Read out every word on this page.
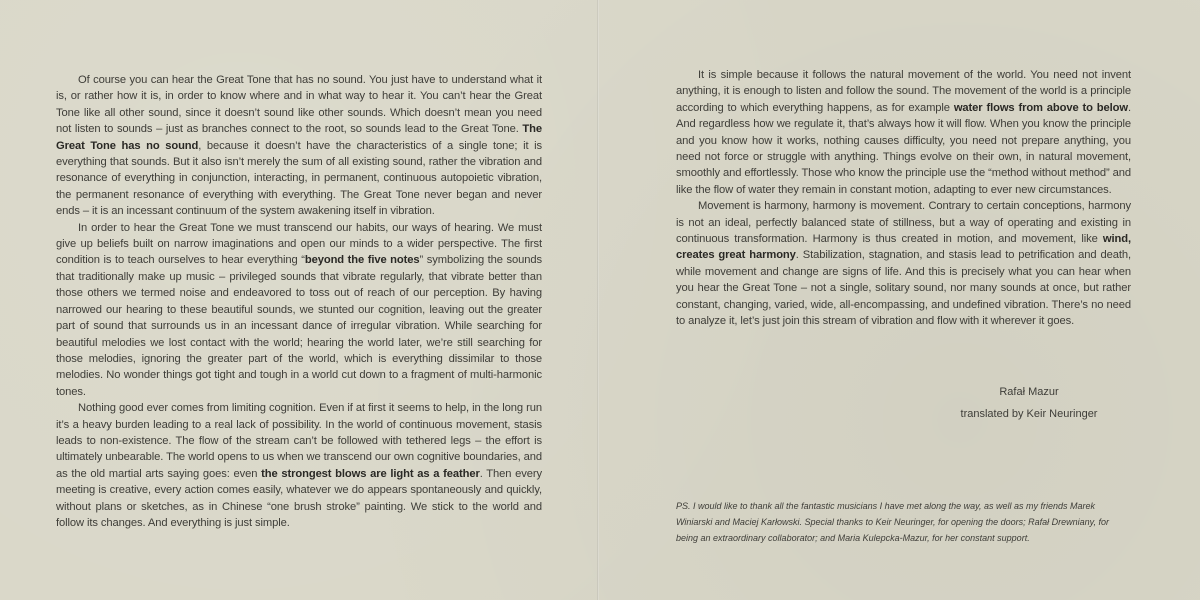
Of course you can hear the Great Tone that has no sound. You just have to understand what it is, or rather how it is, in order to know where and in what way to hear it. You can’t hear the Great Tone like all other sound, since it doesn’t sound like other sounds. Which doesn’t mean you need not listen to sounds – just as branches connect to the root, so sounds lead to the Great Tone. The Great Tone has no sound, because it doesn’t have the characteristics of a single tone; it is everything that sounds. But it also isn’t merely the sum of all existing sound, rather the vibration and resonance of everything in conjunction, interacting, in permanent, continuous autopoietic vibration, the permanent resonance of everything with everything. The Great Tone never began and never ends – it is an incessant continuum of the system awakening itself in vibration.

In order to hear the Great Tone we must transcend our habits, our ways of hearing. We must give up beliefs built on narrow imaginations and open our minds to a wider perspective. The first condition is to teach ourselves to hear everything “beyond the five notes” symbolizing the sounds that traditionally make up music – privileged sounds that vibrate regularly, that vibrate better than those others we termed noise and endeavored to toss out of reach of our perception. By having narrowed our hearing to these beautiful sounds, we stunted our cognition, leaving out the greater part of sound that surrounds us in an incessant dance of irregular vibration. While searching for beautiful melodies we lost contact with the world; hearing the world later, we’re still searching for those melodies, ignoring the greater part of the world, which is everything dissimilar to those melodies. No wonder things got tight and tough in a world cut down to a fragment of multi-harmonic tones.

Nothing good ever comes from limiting cognition. Even if at first it seems to help, in the long run it’s a heavy burden leading to a real lack of possibility. In the world of continuous movement, stasis leads to non-existence. The flow of the stream can’t be followed with tethered legs – the effort is ultimately unbearable. The world opens to us when we transcend our own cognitive boundaries, and as the old martial arts saying goes: even the strongest blows are light as a feather. Then every meeting is creative, every action comes easily, whatever we do appears spontaneously and quickly, without plans or sketches, as in Chinese “one brush stroke” painting. We stick to the world and follow its changes. And everything is just simple.

It is simple because it follows the natural movement of the world. You need not invent anything, it is enough to listen and follow the sound. The movement of the world is a principle according to which everything happens, as for example water flows from above to below. And regardless how we regulate it, that’s always how it will flow. When you know the principle and you know how it works, nothing causes difficulty, you need not prepare anything, you need not force or struggle with anything. Things evolve on their own, in natural movement, smoothly and effortlessly. Those who know the principle use the “method without method” and like the flow of water they remain in constant motion, adapting to ever new circumstances.

Movement is harmony, harmony is movement. Contrary to certain conceptions, harmony is not an ideal, perfectly balanced state of stillness, but a way of operating and existing in continuous transformation. Harmony is thus created in motion, and movement, like wind, creates great harmony. Stabilization, stagnation, and stasis lead to petrification and death, while movement and change are signs of life. And this is precisely what you can hear when you hear the Great Tone – not a single, solitary sound, nor many sounds at once, but rather constant, changing, varied, wide, all-encompassing, and undefined vibration. There’s no need to analyze it, let’s just join this stream of vibration and flow with it wherever it goes.

Rafał Mazur
translated by Keir Neuringer
PS. I would like to thank all the fantastic musicians I have met along the way, as well as my friends Marek Winiarski and Maciej Karłowski. Special thanks to Keir Neuringer, for opening the doors; Rafał Drewniany, for being an extraordinary collaborator; and Maria Kulepcka-Mazur, for her constant support.
